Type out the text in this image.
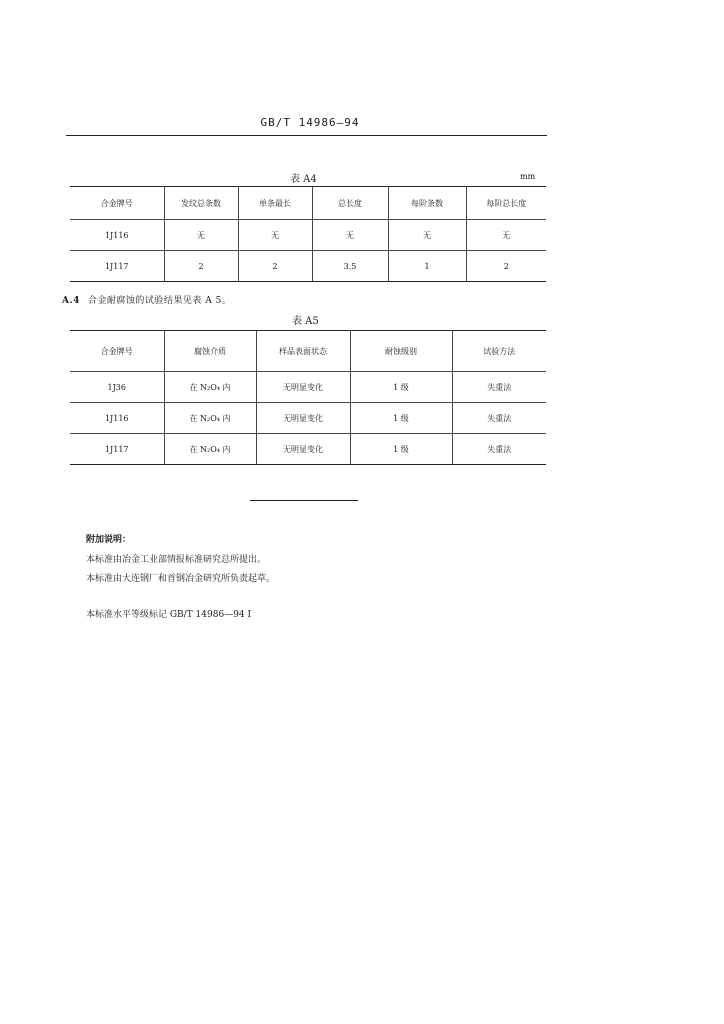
GB/T 14986—94
表 A4	mm
合金牌号	发纹总条数	单条最长	总长度	每阶条数	每阶总长度
1J116	无	无	无	无	无
1J117	2	2	3.5	1	2
A.4 合金耐腐蚀的试验结果见表 A 5。
表 A5
合金牌号	腐蚀介质	样品表面状态	耐蚀级别	试验方法
1J36	在 N₂O₄ 内	无明显变化	1 级	失重法
1J116	在 N₂O₄ 内	无明显变化	1 级	失重法
1J117	在 N₂O₄ 内	无明显变化	1 级	失重法
附加说明：
本标准由冶金工业部情报标准研究总所提出。
本标准由大连钢厂和首钢冶金研究所负责起草。
本标准水平等级标记 GB/T 14986—94 I
